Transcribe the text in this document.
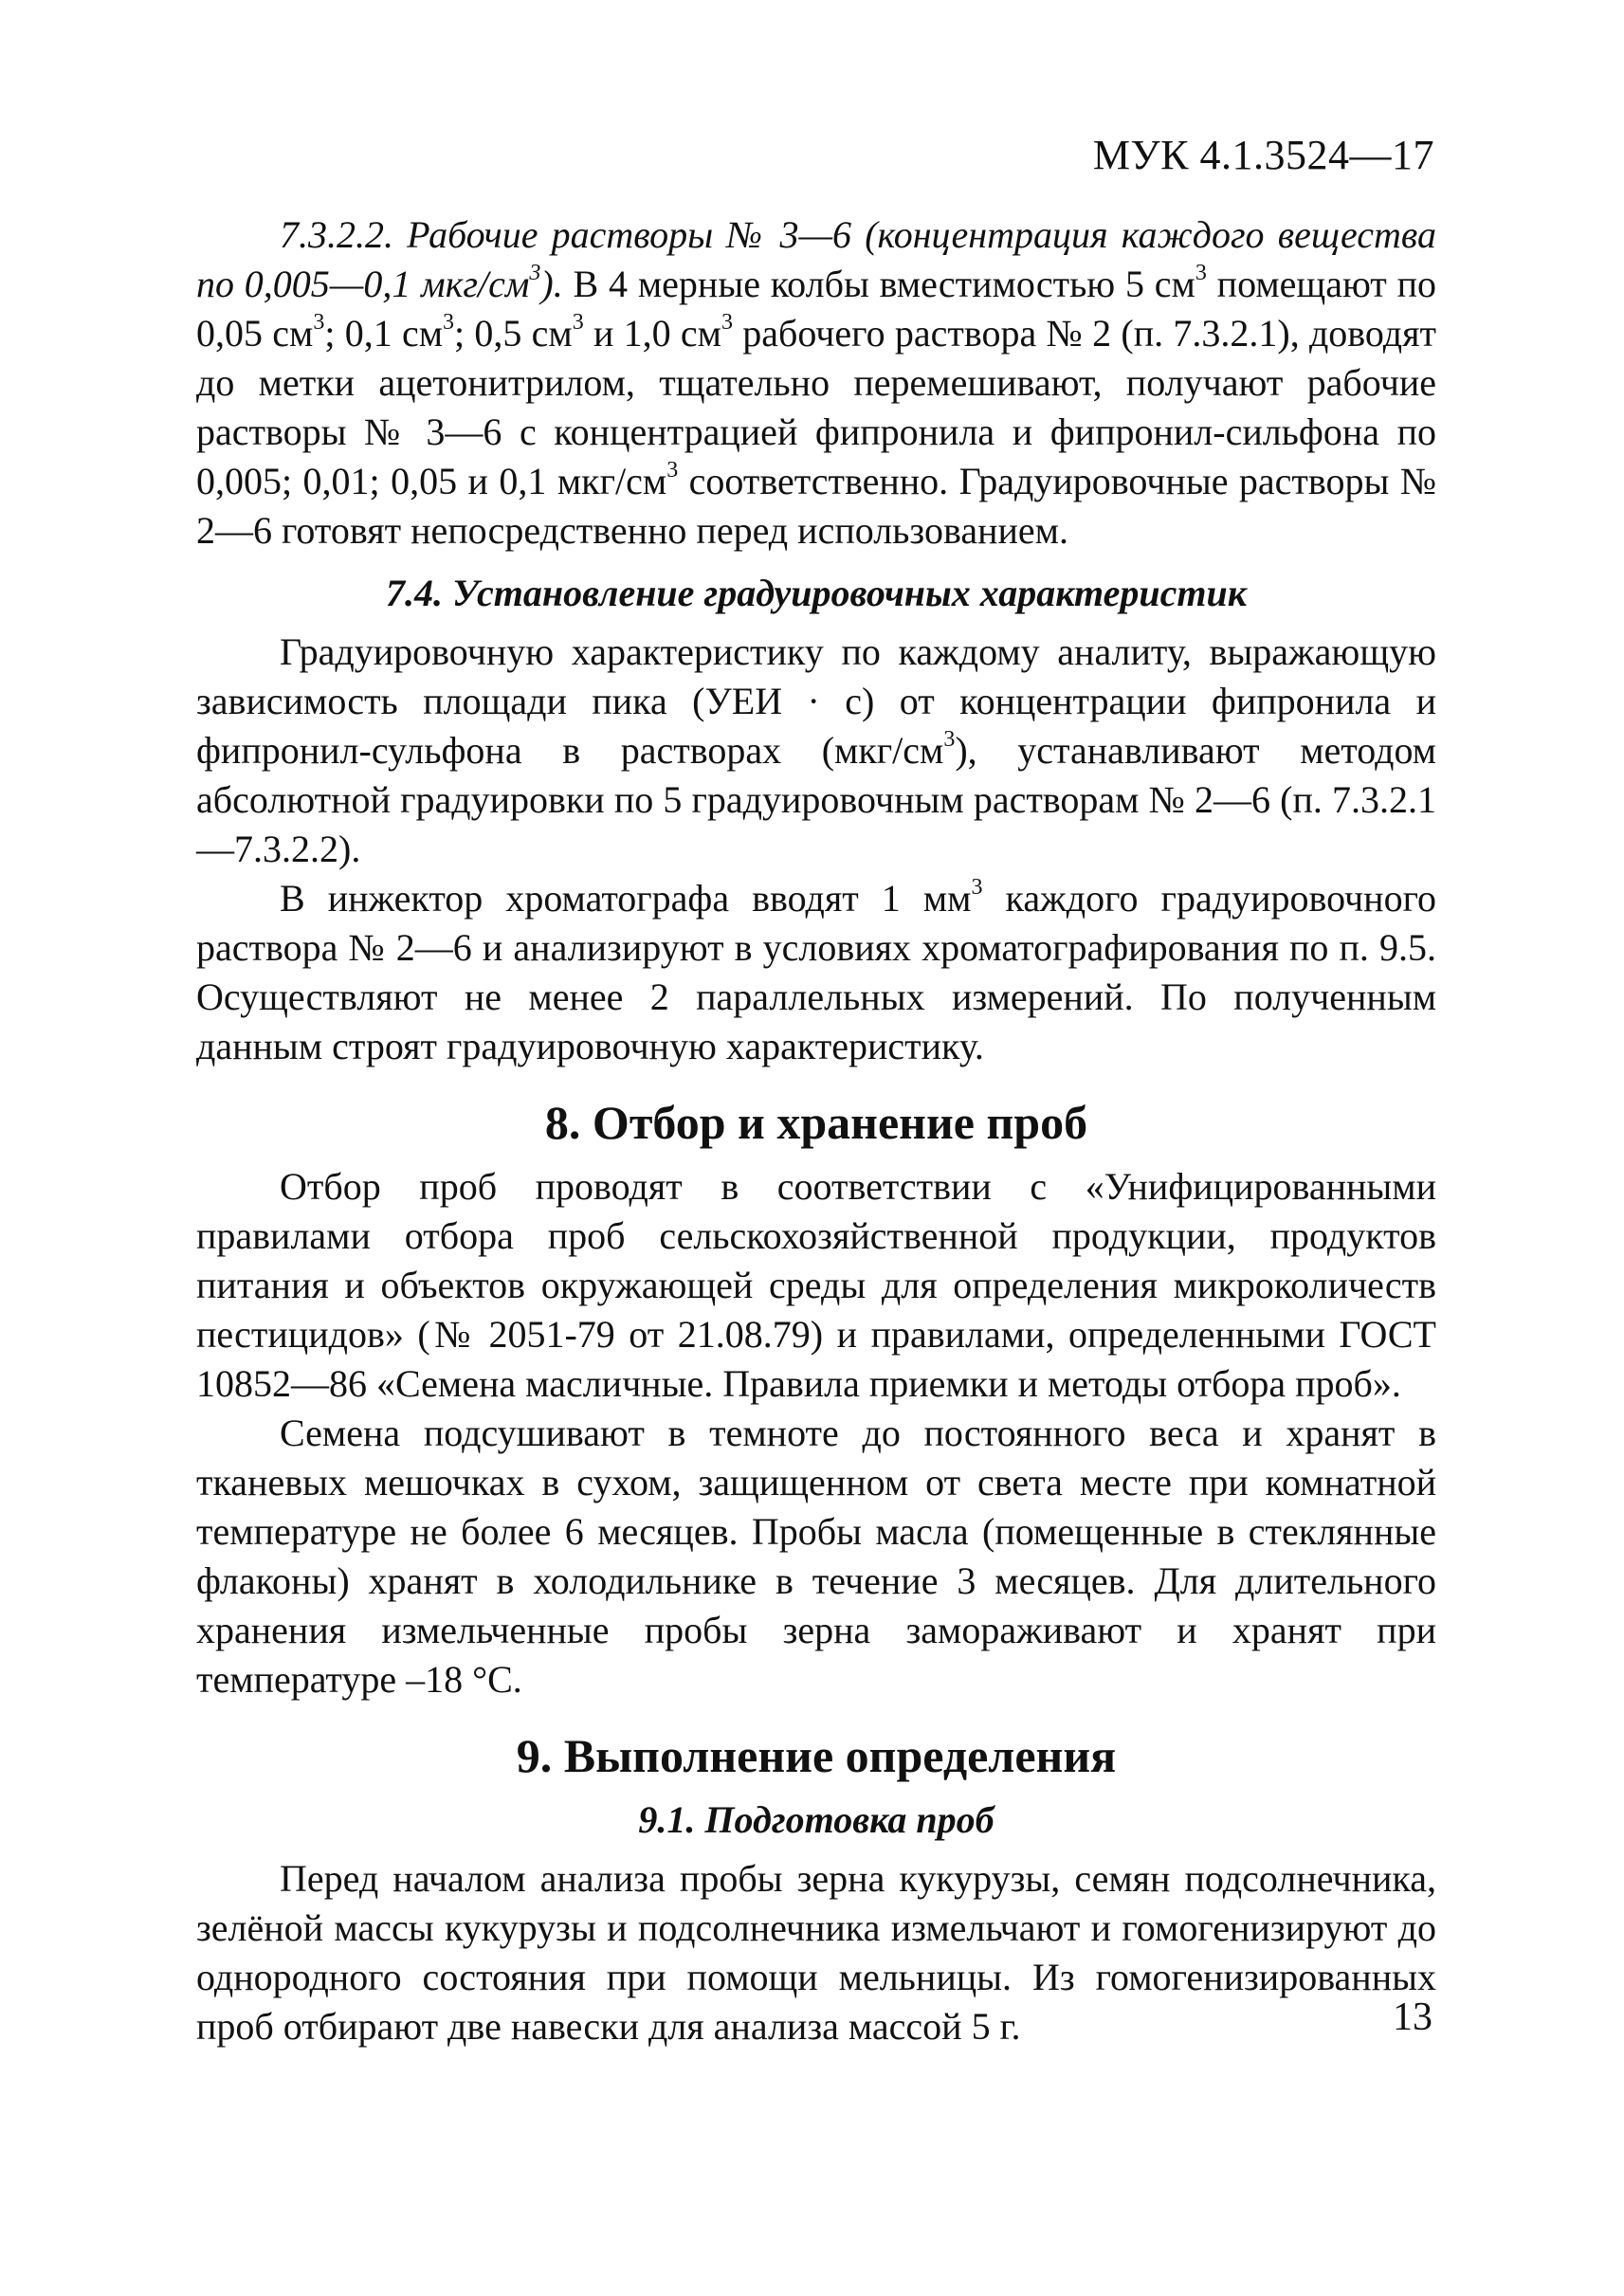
МУК 4.1.3524—17

7.3.2.2. Рабочие растворы № 3—6 (концентрация каждого вещества по 0,005—0,1 мкг/$см^3$). В 4 мерные колбы вместимостью 5 $см^3$ помещают по 0,05 $см^3$; 0,1 $см^3$; 0,5 $см^3$ и 1,0 $см^3$ рабочего раствора № 2 (п. 7.3.2.1), доводят до метки ацетонитрилом, тщательно перемешивают, получают рабочие растворы № 3—6 с концентрацией фипронила и фипронил-сильфона по 0,005; 0,01; 0,05 и 0,1 мкг/$см^3$ соответственно. Градуировочные растворы № 2—6 готовят непосредственно перед использованием.

7.4. Установление градуировочных характеристик

Градуировочную характеристику по каждому аналиту, выражающую зависимость площади пика (УЕИ · с) от концентрации фипронила и фипронил-сульфона в растворах $(мкг/см^3)$, устанавливают методом абсолютной градуировки по 5 градуировочным растворам № 2—6 (п. 7.3.2.1—7.3.2.2).

В инжектор хроматографа вводят 1 $мм^3$ каждого градуировочного раствора № 2—6 и анализируют в условиях хроматографирования по п. 9.5. Осуществляют не менее 2 параллельных измерений. По полученным данным строят градуировочную характеристику.

8. Отбор и хранение проб

Отбор проб проводят в соответствии с «Унифицированными правилами отбора проб сельскохозяйственной продукции, продуктов питания и объектов окружающей среды для определения микроколичеств пестицидов» (№ 2051-79 от 21.08.79) и правилами, определенными ГОСТ 10852—86 «Семена масличные. Правила приемки и методы отбора проб».

Семена подсушивают в темноте до постоянного веса и хранят в тканевых мешочках в сухом, защищенном от света месте при комнатной температуре не более 6 месяцев. Пробы масла (помещенные в стеклянные флаконы) хранят в холодильнике в течение 3 месяцев. Для длительного хранения измельченные пробы зерна замораживают и хранят при температуре –18 °С.

9. Выполнение определения
9.1. Подготовка проб

Перед началом анализа пробы зерна кукурузы, семян подсолнечника, зелёной массы кукурузы и подсолнечника измельчают и гомогенизируют до однородного состояния при помощи мельницы. Из гомогенизированных проб отбирают две навески для анализа массой 5 г.	13
